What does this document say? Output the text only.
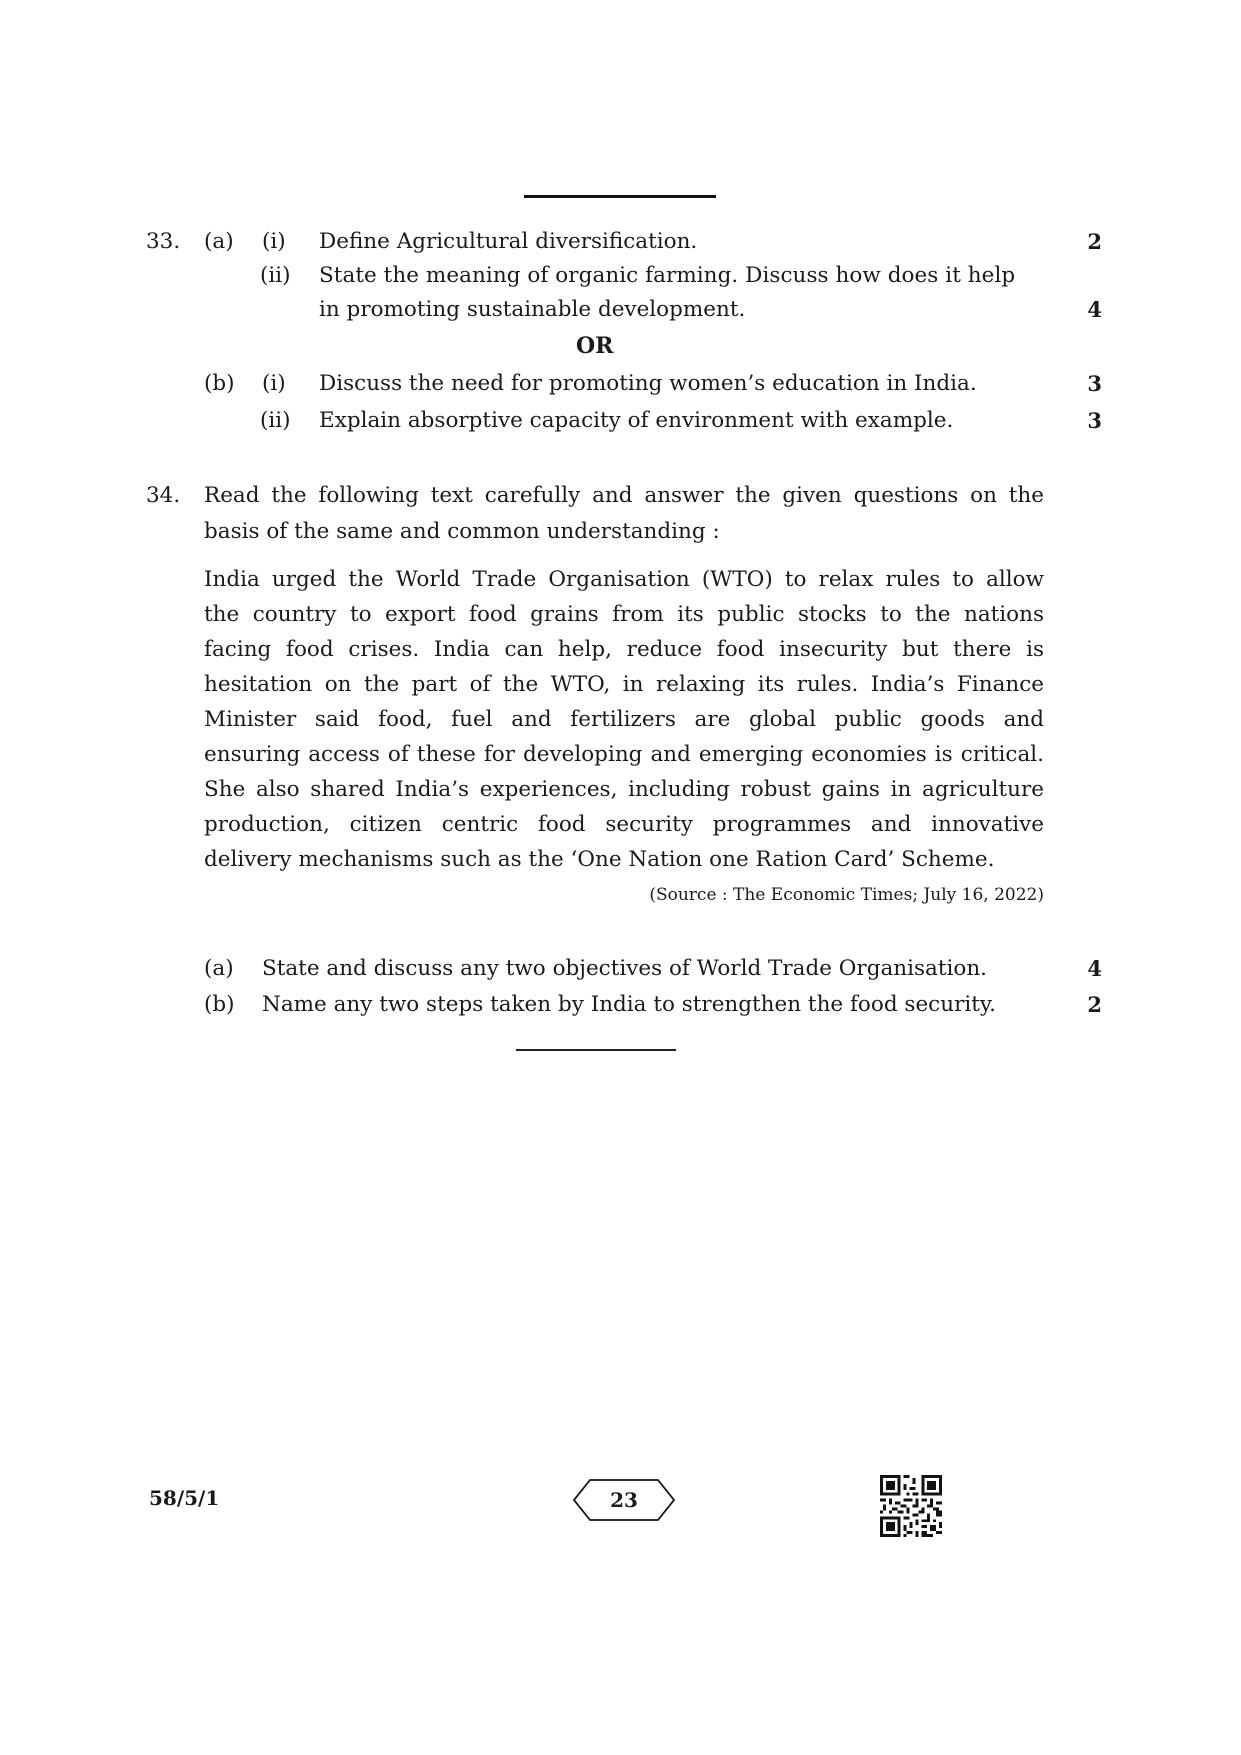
33. (a) (i) Define Agricultural diversification.	2
(ii) State the meaning of organic farming. Discuss how does it help
in promoting sustainable development.	4
OR
(b) (i) Discuss the need for promoting women’s education in India.	3
(ii) Explain absorptive capacity of environment with example.	3
34. Read the following text carefully and answer the given questions on the
basis of the same and common understanding :
India urged the World Trade Organisation (WTO) to relax rules to allow
the country to export food grains from its public stocks to the nations
facing food crises. India can help, reduce food insecurity but there is
hesitation on the part of the WTO, in relaxing its rules. India’s Finance
Minister said food, fuel and fertilizers are global public goods and
ensuring access of these for developing and emerging economies is critical.
She also shared India’s experiences, including robust gains in agriculture
production, citizen centric food security programmes and innovative
delivery mechanisms such as the ‘One Nation one Ration Card’ Scheme.
(Source : The Economic Times; July 16, 2022)
(a) State and discuss any two objectives of World Trade Organisation.	4
(b) Name any two steps taken by India to strengthen the food security.	2
58/5/1	23
